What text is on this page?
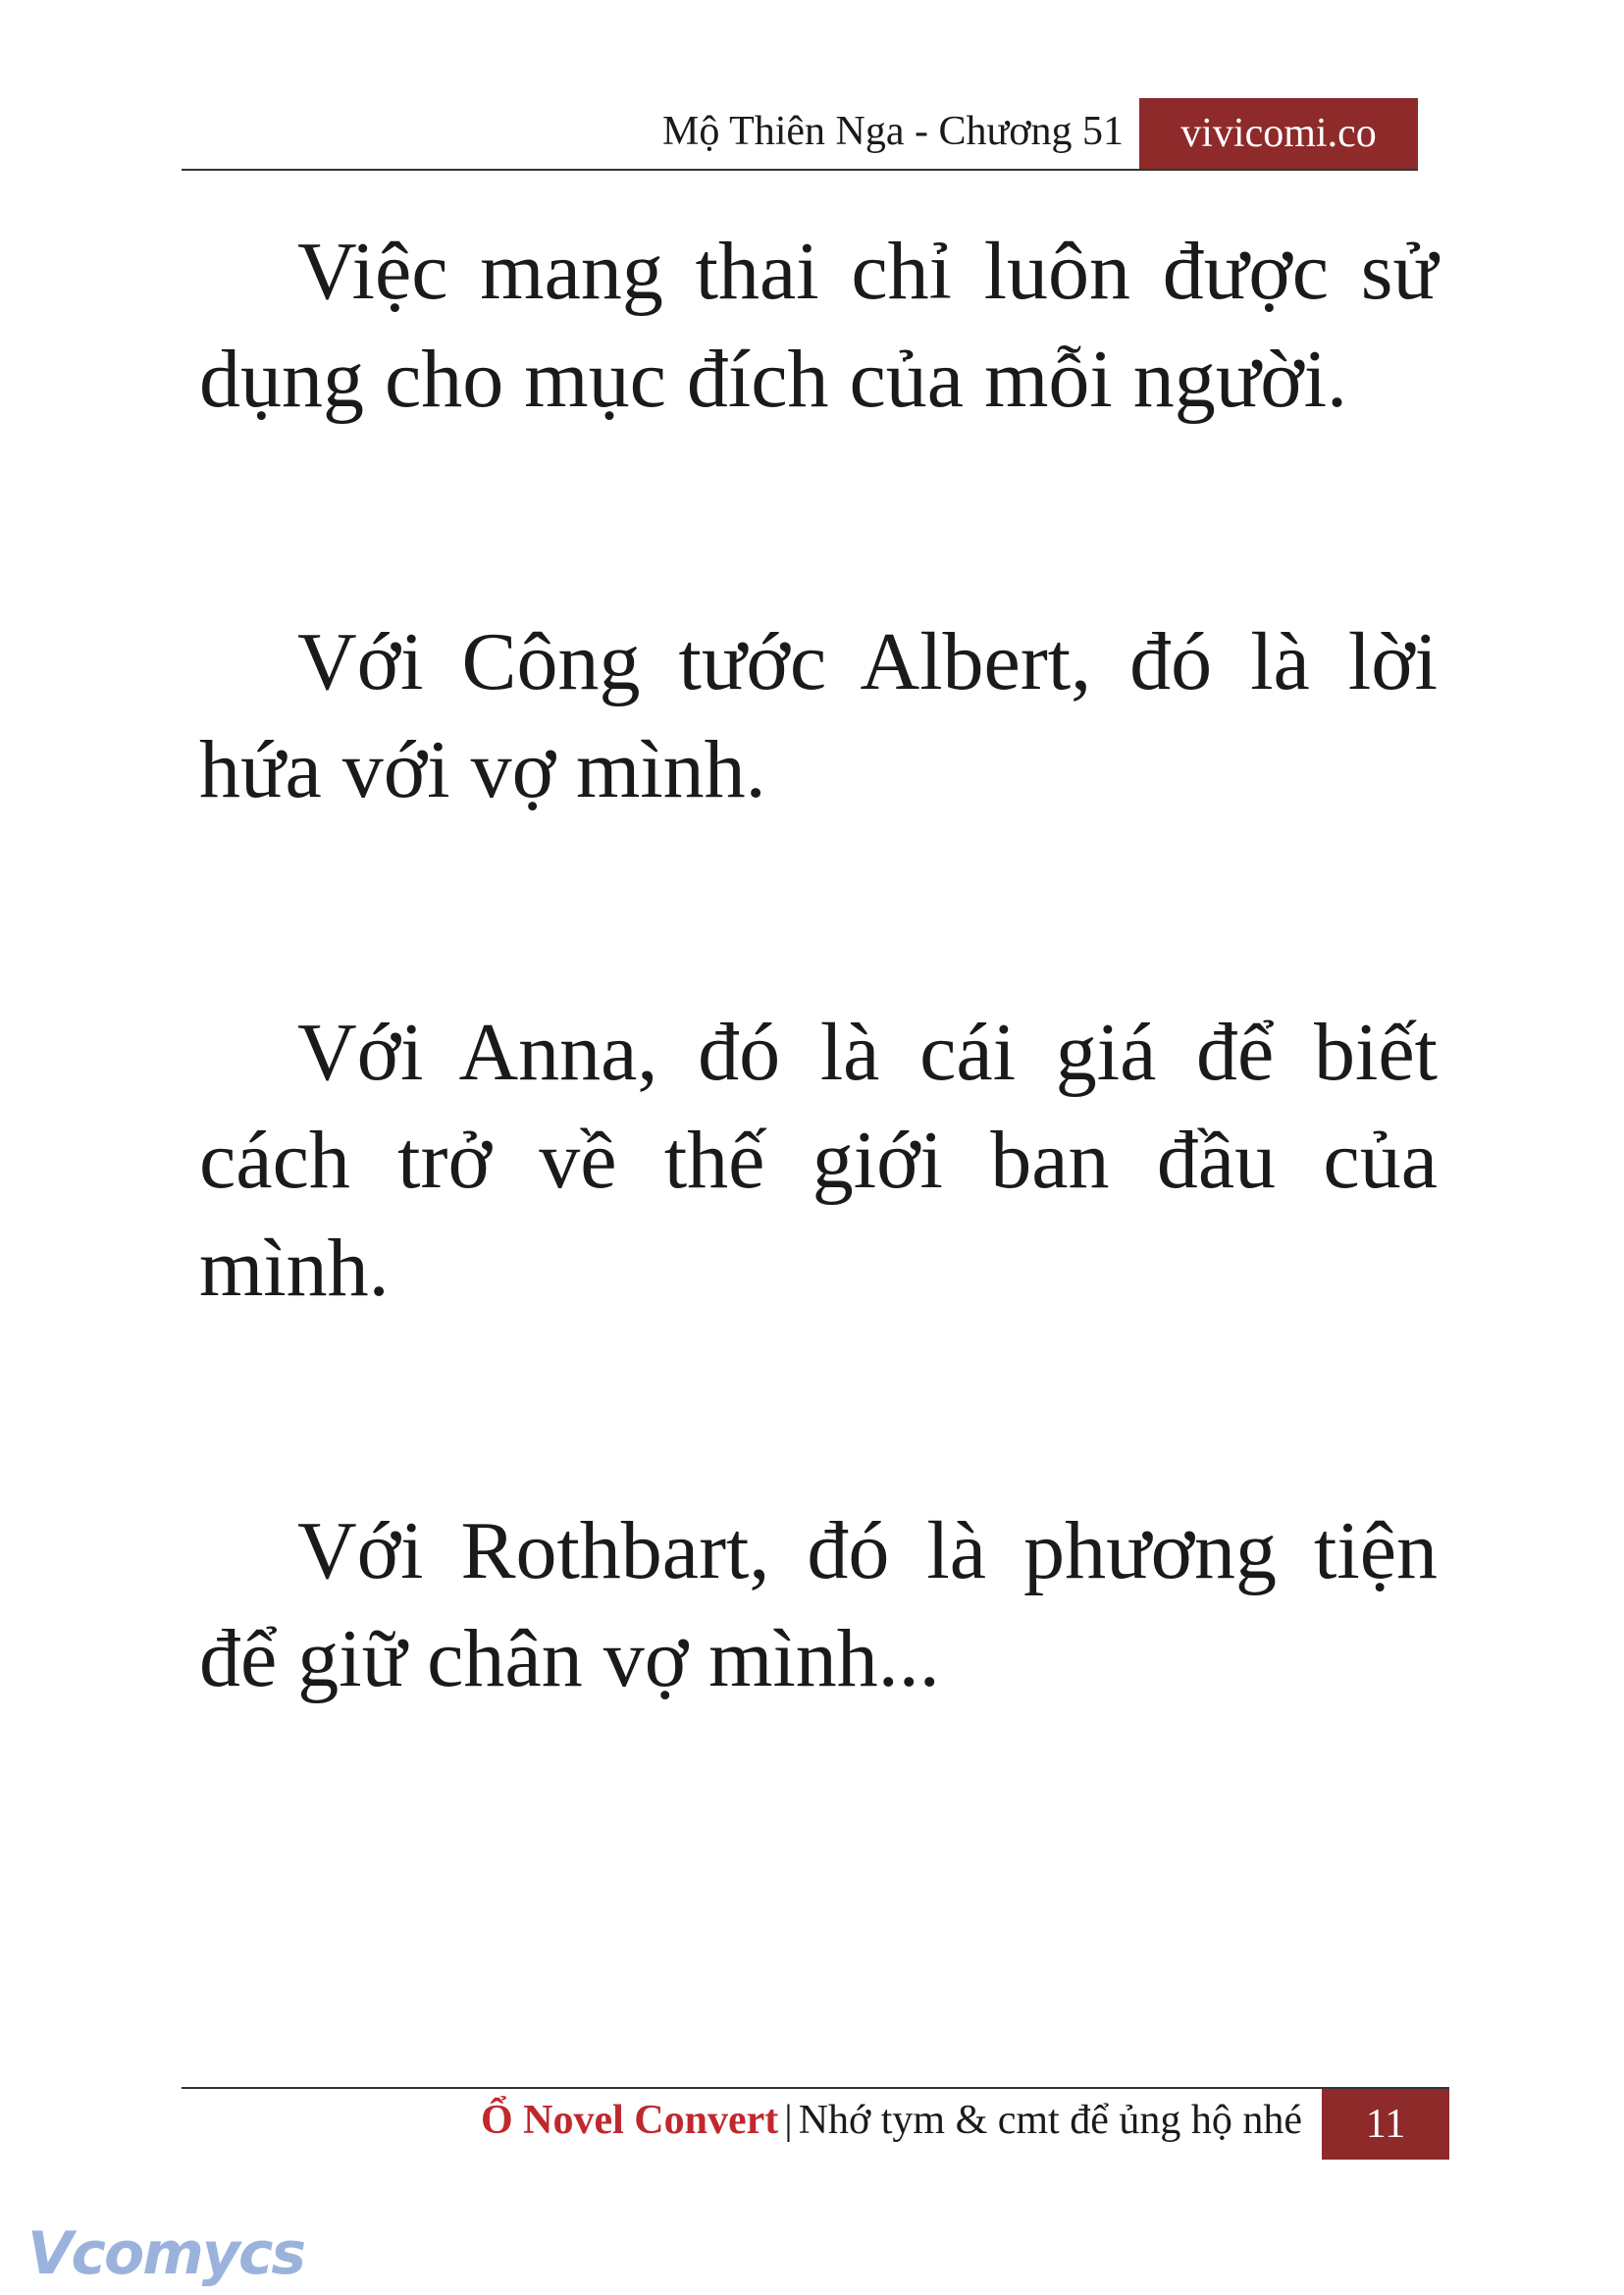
Mộ Thiên Nga - Chương 51	vivicomi.co

Việc mang thai chỉ luôn được sử dụng cho mục đích của mỗi người.

Với Công tước Albert, đó là lời hứa với vợ mình.

Với Anna, đó là cái giá để biết cách trở về thế giới ban đầu của mình.

Với Rothbart, đó là phương tiện để giữ chân vợ mình...

Ổ Novel Convert | Nhớ tym & cmt để ủng hộ nhé	11
Vcomycs
